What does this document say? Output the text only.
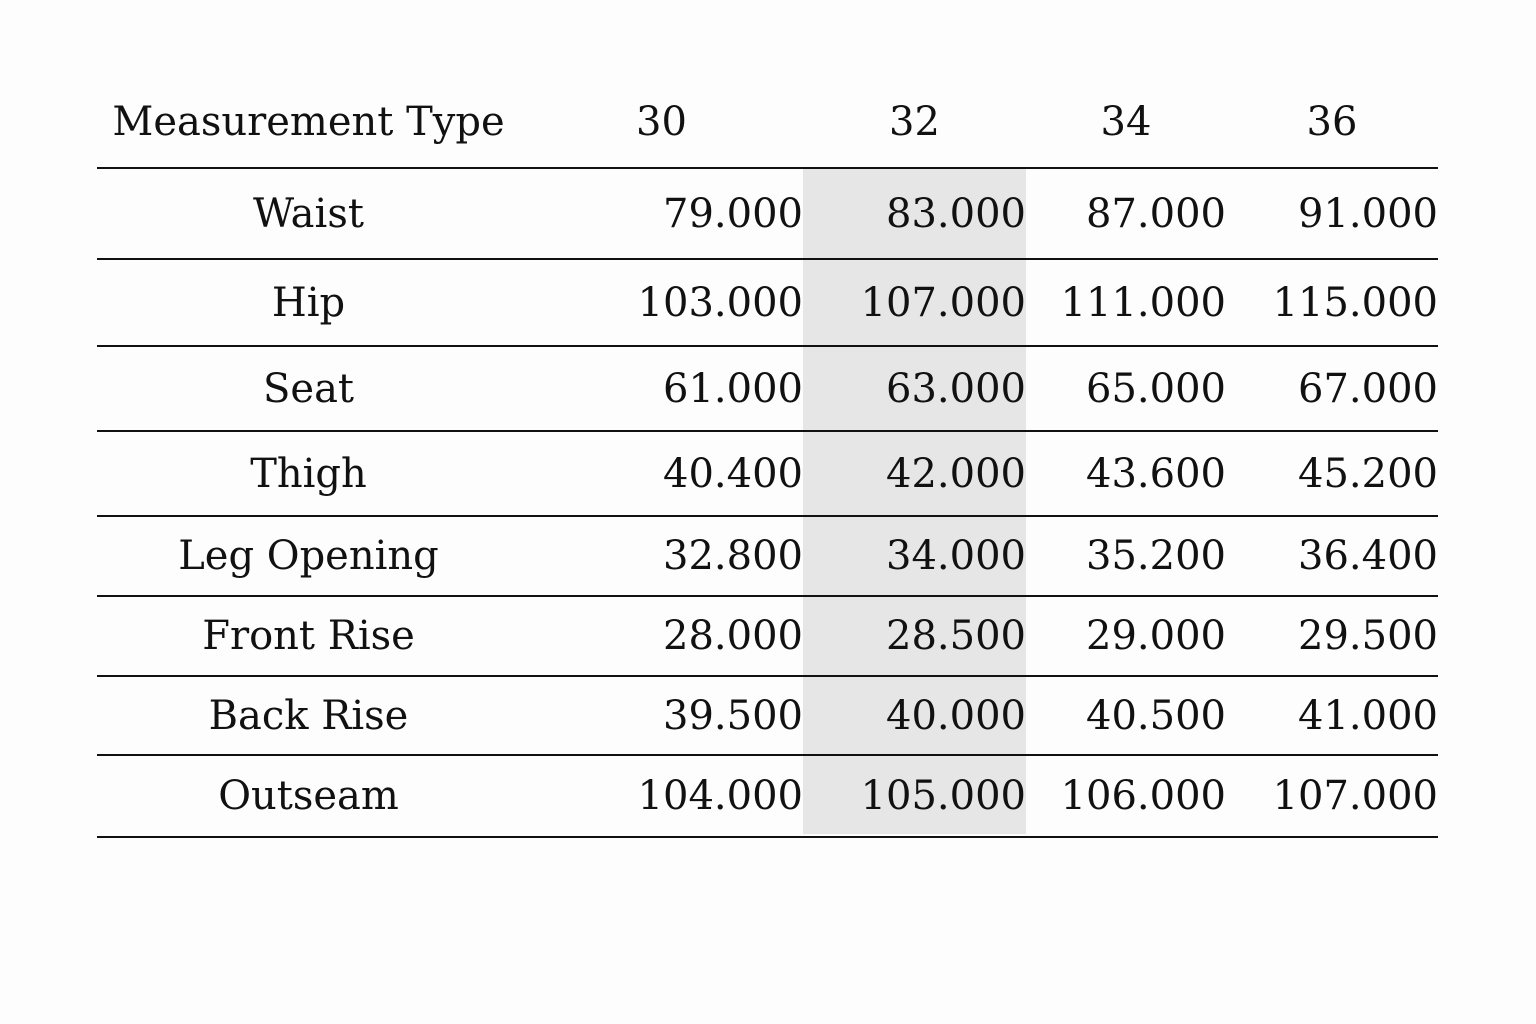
Measurement Type	30	32	34	36
Waist	79.000	83.000	87.000	91.000
Hip	103.000	107.000	111.000	115.000
Seat	61.000	63.000	65.000	67.000
Thigh	40.400	42.000	43.600	45.200
Leg Opening	32.800	34.000	35.200	36.400
Front Rise	28.000	28.500	29.000	29.500
Back Rise	39.500	40.000	40.500	41.000
Outseam	104.000	105.000	106.000	107.000
